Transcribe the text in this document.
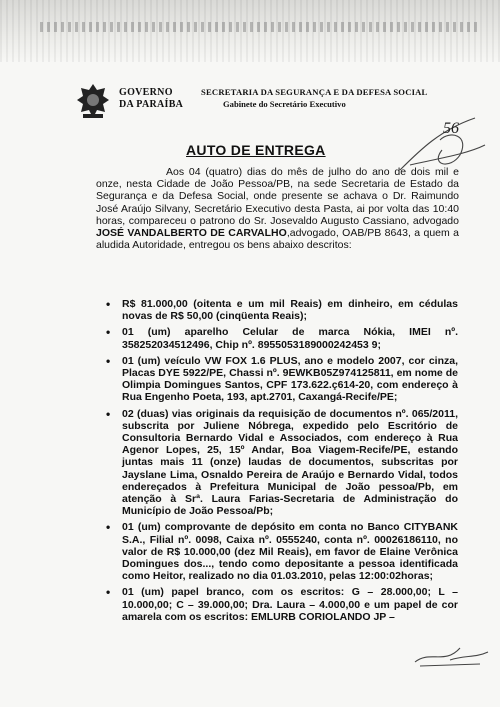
GOVERNO
DA PARAÍBA
SECRETARIA DA SEGURANÇA E DA DEFESA SOCIAL
Gabinete do Secretário Executivo
56
AUTO DE ENTREGA
Aos 04 (quatro) dias do mês de julho do ano de dois mil e onze, nesta Cidade de João Pessoa/PB, na sede Secretaria de Estado da Segurança e da Defesa Social, onde presente se achava o Dr. Raimundo José Araújo Silvany, Secretário Executivo desta Pasta, ai por volta das 10:40 horas, compareceu o patrono do Sr. Josevaldo Augusto Cassiano, advogado JOSÉ VANDALBERTO DE CARVALHO,advogado, OAB/PB 8643, a quem a aludida Autoridade, entregou os bens abaixo descritos:
• R$ 81.000,00 (oitenta e um mil Reais) em dinheiro, em cédulas novas de R$ 50,00 (cinqüenta Reais);
• 01 (um) aparelho Celular de marca Nókia, IMEI nº. 358252034512496, Chip nº. 8955053189000242453 9;
• 01 (um) veículo VW FOX 1.6 PLUS, ano e modelo 2007, cor cinza, Placas DYE 5922/PE, Chassi nº. 9EWKB05Z974125811, em nome de Olimpia Domingues Santos, CPF 173.622.ç614-20, com endereço à Rua Engenho Poeta, 193, apt.2701, Caxangá-Recife/PE;
• 02 (duas) vias originais da requisição de documentos nº. 065/2011, subscrita por Juliene Nóbrega, expedido pelo Escritório de Consultoria Bernardo Vidal e Associados, com endereço à Rua Agenor Lopes, 25, 15º Andar, Boa Viagem-Recife/PE, estando juntas mais 11 (onze) laudas de documentos, subscritas por Jayslane Lima, Osnaldo Pereira de Araújo e Bernardo Vidal, todos endereçados à Prefeitura Municipal de João pessoa/Pb, em atenção à Srª. Laura Farias-Secretaria de Administração do Município de João Pessoa/Pb;
• 01 (um) comprovante de depósito em conta no Banco CITYBANK S.A., Filial nº. 0098, Caixa nº. 0555240, conta nº. 00026186110, no valor de R$ 10.000,00 (dez Mil Reais), em favor de Elaine Verônica Domingues dos..., tendo como depositante a pessoa identificada como Heitor, realizado no dia 01.03.2010, pelas 12:00:02horas;
• 01 (um) papel branco, com os escritos: G – 28.000,00; L – 10.000,00; C – 39.000,00; Dra. Laura – 4.000,00 e um papel de cor amarela com os escritos: EMLURB CORIOLANDO JP –
